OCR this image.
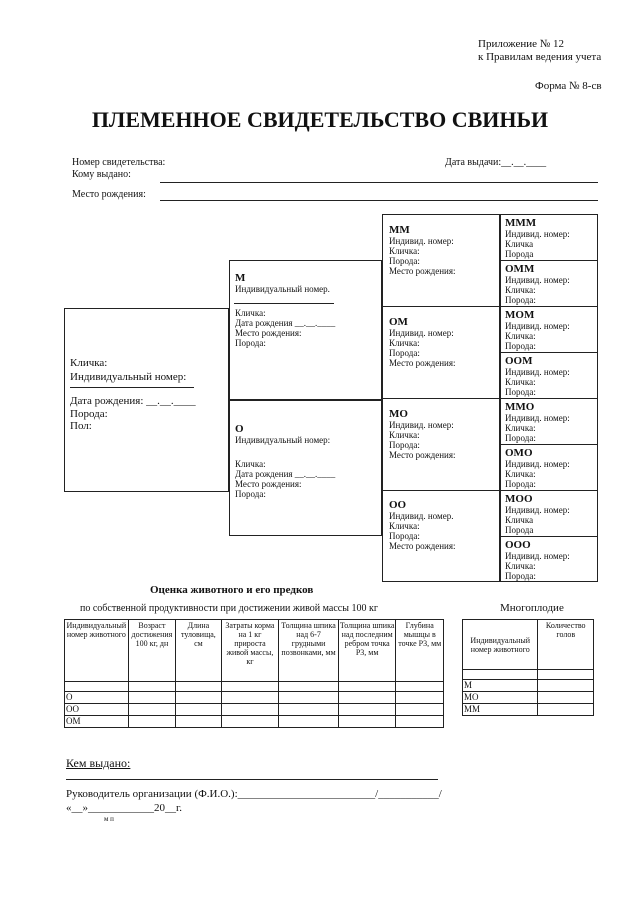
Приложение № 12
к Правилам ведения учета
Форма № 8-св
ПЛЕМЕННОЕ СВИДЕТЕЛЬСТВО СВИНЬИ
Номер свидетельства:	Дата выдачи:__.__.____
Кому выдано:
Место рождения:
Кличка:
Индивидуальный номер:
Дата рождения: __.__.____
Порода:
Пол:
М
Индивидуальный номер.
Кличка:
Дата рождения __.__.____
Место рождения:
Порода:
О
Индивидуальный номер:
Кличка:
Дата рождения __.__.____
Место рождения:
Порода:
ММ
Индивид. номер:
Кличка:
Порода:
Место рождения:
ОМ
Индивид. номер:
Кличка:
Порода:
Место рождения:
МО
Индивид. номер:
Кличка:
Порода:
Место рождения:
ОО
Индивид. номер.
Кличка:
Порода:
Место рождения:
МММ
Индивид. номер:
Кличка
Порода
ОММ
Индивид. номер:
Кличка:
Порода:
МОМ
Индивид. номер:
Кличка:
Порода:
ООМ
Индивид. номер:
Кличка:
Порода:
ММО
Индивид. номер:
Кличка:
Порода:
ОМО
Индивид. номер:
Кличка:
Порода:
МОО
Индивид. номер:
Кличка
Порода
ООО
Индивид. номер:
Кличка:
Порода:
Оценка животного и его предков
по собственной продуктивности при достижении живой массы 100 кг	Многоплодие
Индивидуальный номер животного	Возраст достижения 100 кг, дн	Длина туловища, см	Затраты корма на 1 кг прироста живой массы, кг	Толщина шпика над 6-7 грудными позвонками, мм	Толщина шпика над последним ребром точка Р3, мм	Глубина мышцы в точке Р3, мм

О						
ОО						
ОМ						
Индивидуальный номер животного	Количество голов

М	
МО	
ММ	
Кем выдано:
Руководитель организации (Ф.И.О.):_________________________/___________/
«__»____________20__г.
м п
